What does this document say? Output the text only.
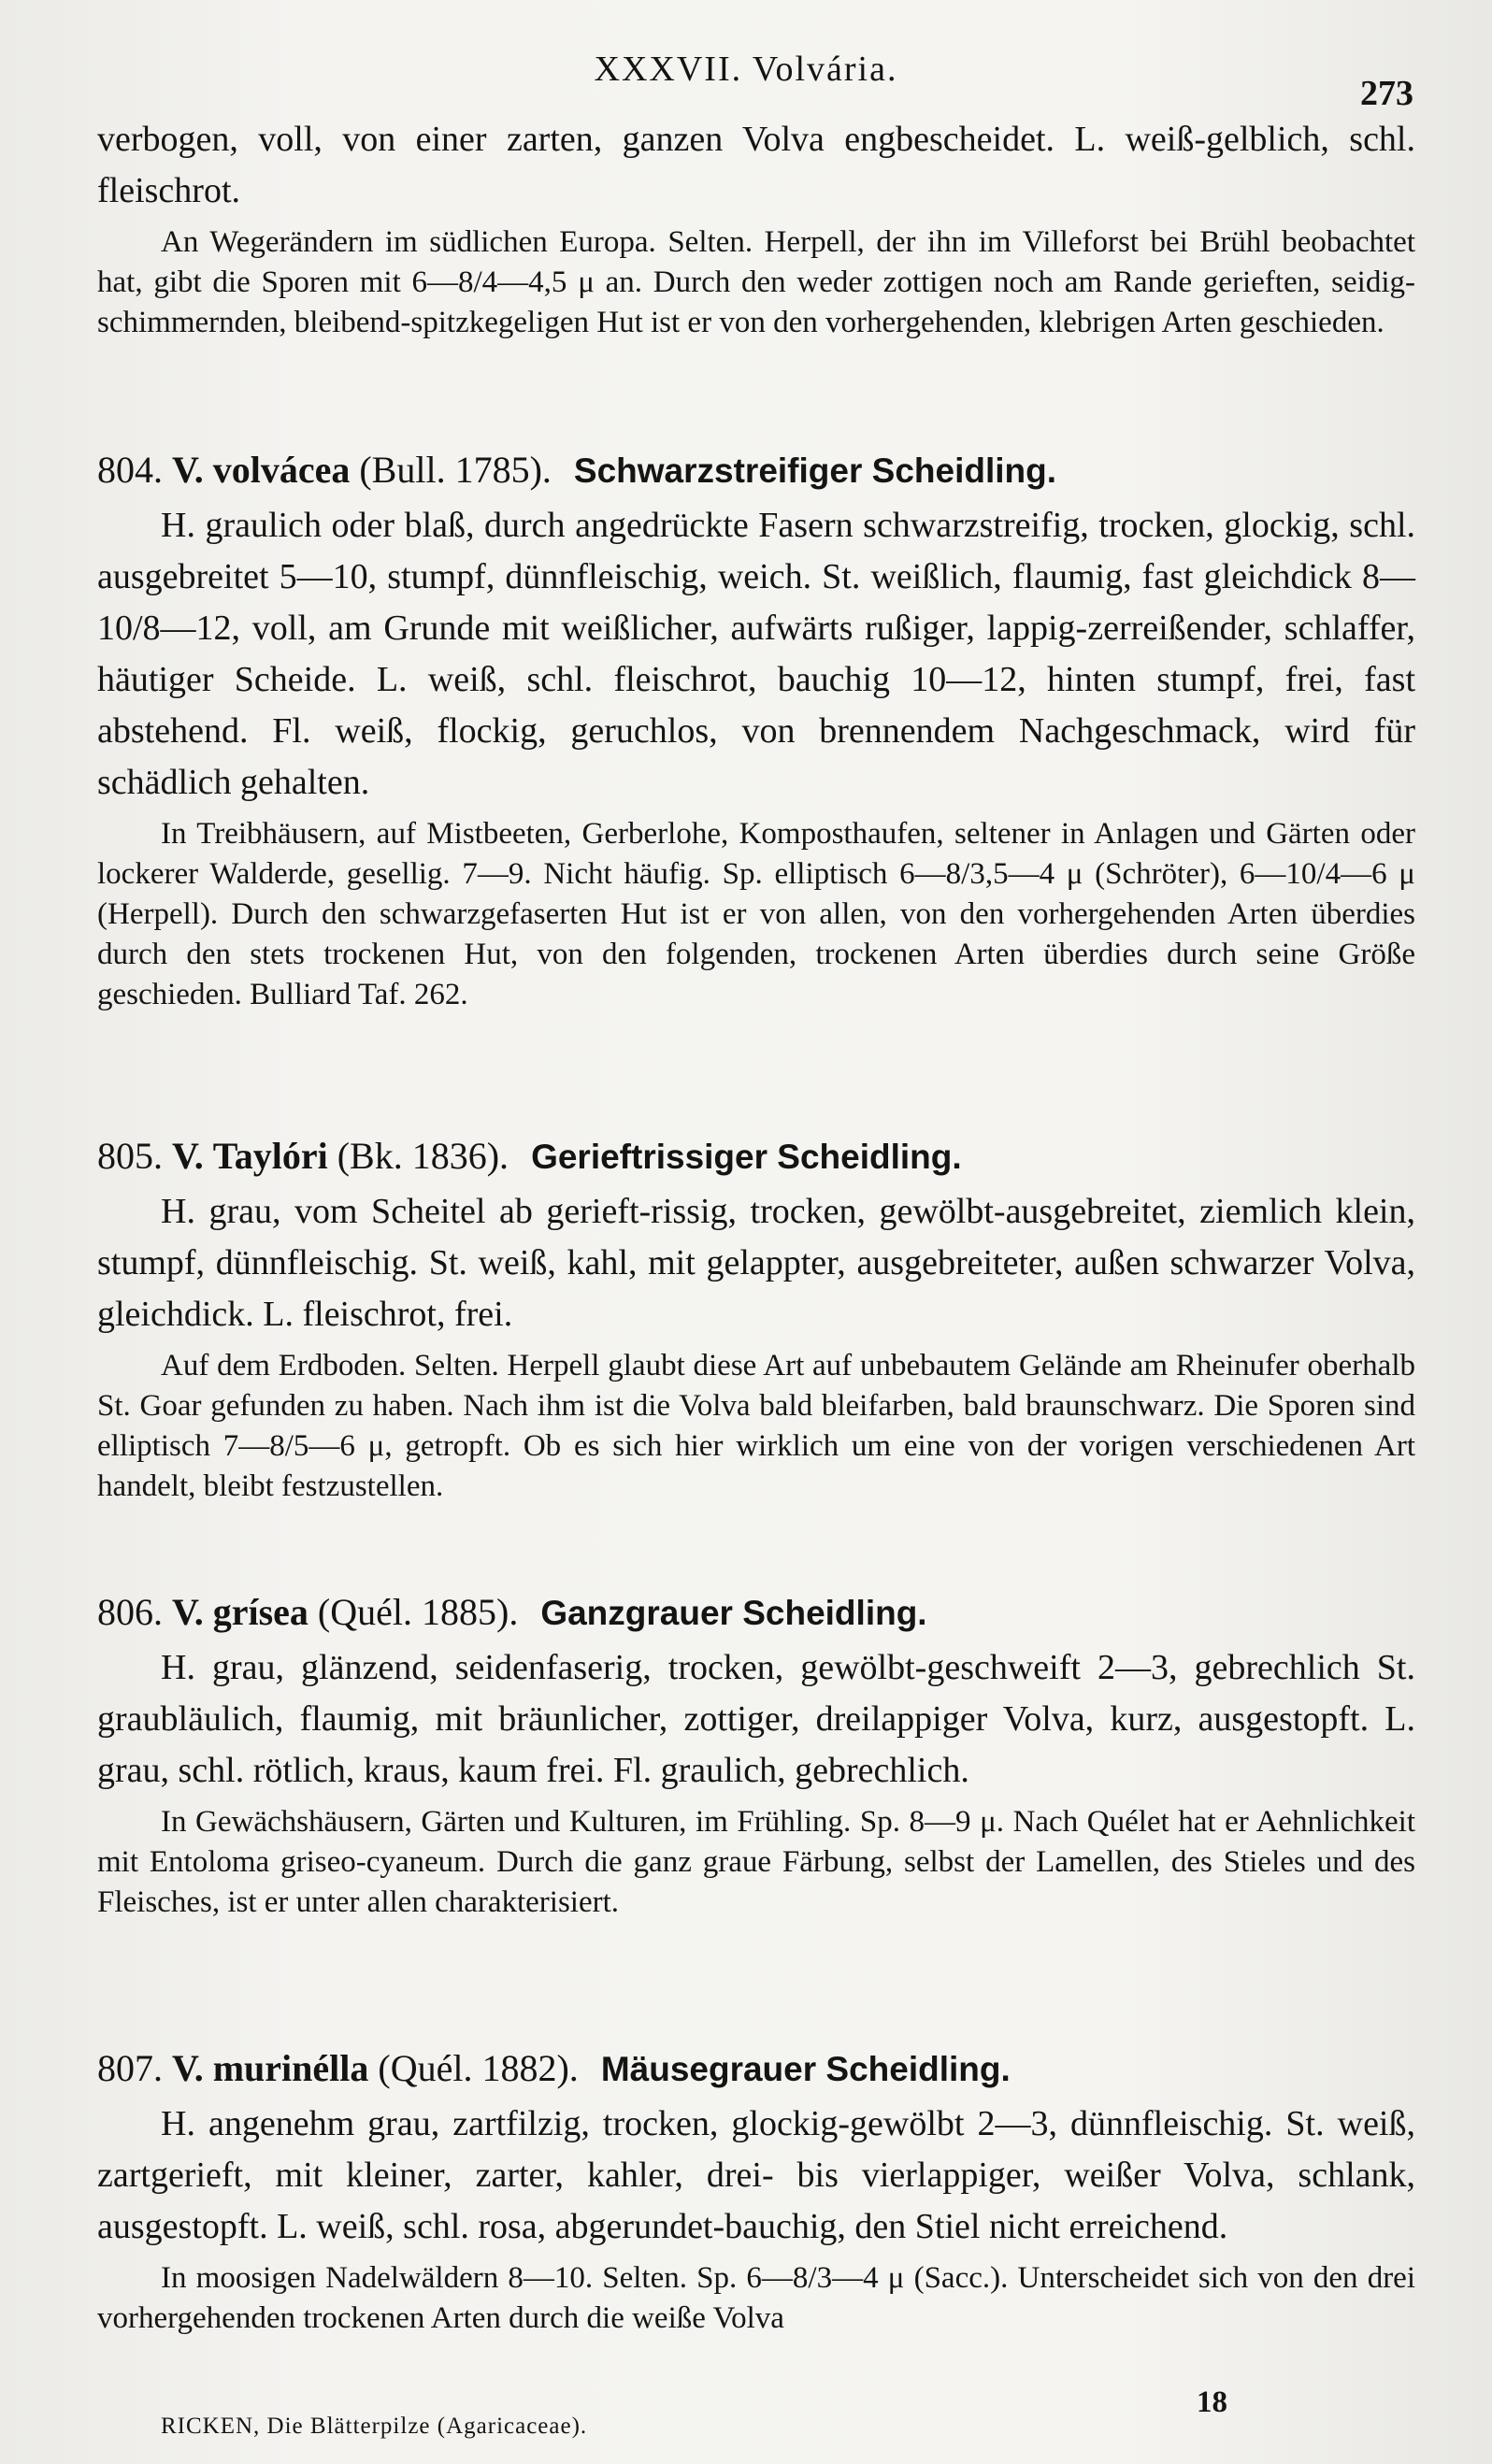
XXXVII. Volvária.
273

verbogen, voll, von einer zarten, ganzen Volva engbescheidet. L. weiß-gelblich, schl. fleischrot.

An Wegerändern im südlichen Europa. Selten. Herpell, der ihn im Villeforst bei Brühl beobachtet hat, gibt die Sporen mit 6—8/4—4,5 μ an. Durch den weder zottigen noch am Rande gerieften, seidig-schimmernden, bleibend-spitzkegeligen Hut ist er von den vorhergehenden, klebrigen Arten geschieden.

804. V. volvácea (Bull. 1785). Schwarzstreifiger Scheidling.

H. graulich oder blaß, durch angedrückte Fasern schwarzstreifig, trocken, glockig, schl. ausgebreitet 5—10, stumpf, dünnfleischig, weich. St. weißlich, flaumig, fast gleichdick 8—10/8—12, voll, am Grunde mit weißlicher, aufwärts rußiger, lappig-zerreißender, schlaffer, häutiger Scheide. L. weiß, schl. fleischrot, bauchig 10—12, hinten stumpf, frei, fast abstehend. Fl. weiß, flockig, geruchlos, von brennendem Nachgeschmack, wird für schädlich gehalten.

In Treibhäusern, auf Mistbeeten, Gerberlohe, Komposthaufen, seltener in Anlagen und Gärten oder lockerer Walderde, gesellig. 7—9. Nicht häufig. Sp. elliptisch 6—8/3,5—4 μ (Schröter), 6—10/4—6 μ (Herpell). Durch den schwarzgefaserten Hut ist er von allen, von den vorhergehenden Arten überdies durch den stets trockenen Hut, von den folgenden, trockenen Arten überdies durch seine Größe geschieden. Bulliard Taf. 262.

805. V. Taylóri (Bk. 1836). Gerieftrissiger Scheidling.

H. grau, vom Scheitel ab gerieft-rissig, trocken, gewölbt-ausgebreitet, ziemlich klein, stumpf, dünnfleischig. St. weiß, kahl, mit gelappter, ausgebreiteter, außen schwarzer Volva, gleichdick. L. fleischrot, frei.

Auf dem Erdboden. Selten. Herpell glaubt diese Art auf unbebautem Gelände am Rheinufer oberhalb St. Goar gefunden zu haben. Nach ihm ist die Volva bald bleifarben, bald braunschwarz. Die Sporen sind elliptisch 7—8/5—6 μ, getropft. Ob es sich hier wirklich um eine von der vorigen verschiedenen Art handelt, bleibt festzustellen.

806. V. grísea (Quél. 1885). Ganzgrauer Scheidling.

H. grau, glänzend, seidenfaserig, trocken, gewölbt-geschweift 2—3, gebrechlich St. graubläulich, flaumig, mit bräunlicher, zottiger, dreilappiger Volva, kurz, ausgestopft. L. grau, schl. rötlich, kraus, kaum frei. Fl. graulich, gebrechlich.

In Gewächshäusern, Gärten und Kulturen, im Frühling. Sp. 8—9 μ. Nach Quélet hat er Aehnlichkeit mit Entoloma griseo-cyaneum. Durch die ganz graue Färbung, selbst der Lamellen, des Stieles und des Fleisches, ist er unter allen charakterisiert.

807. V. murinélla (Quél. 1882). Mäusegrauer Scheidling.

H. angenehm grau, zartfilzig, trocken, glockig-gewölbt 2—3, dünnfleischig. St. weiß, zartgerieft, mit kleiner, zarter, kahler, drei- bis vierlappiger, weißer Volva, schlank, ausgestopft. L. weiß, schl. rosa, abgerundet-bauchig, den Stiel nicht erreichend.

In moosigen Nadelwäldern 8—10. Selten. Sp. 6—8/3—4 μ (Sacc.). Unterscheidet sich von den drei vorhergehenden trockenen Arten durch die weiße Volva

RICKEN, Die Blätterpilze (Agaricaceae).
18
